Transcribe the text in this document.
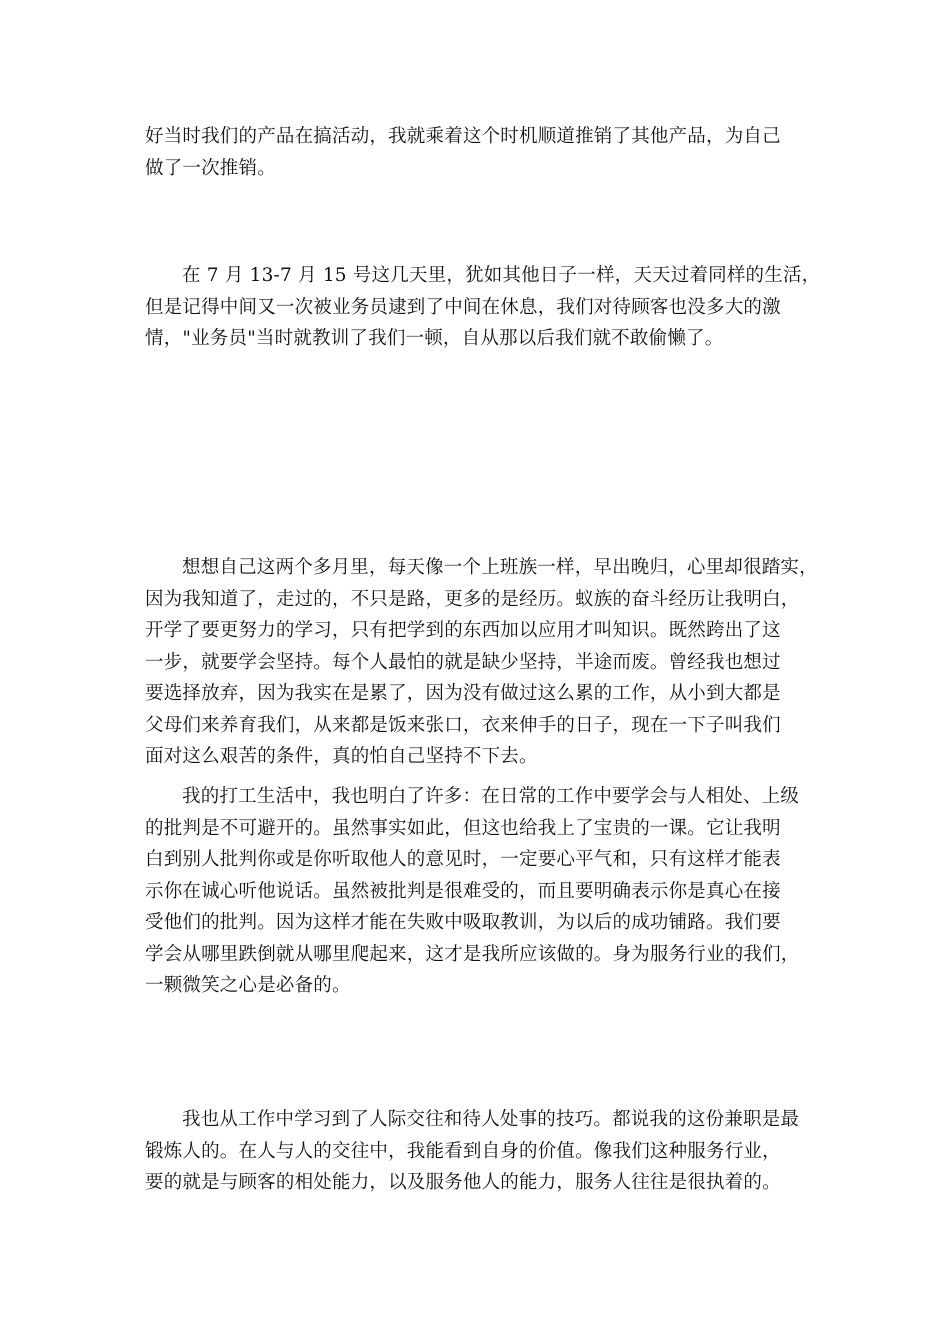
好当时我们的产品在搞活动，我就乘着这个时机顺道推销了其他产品，为自己
做了一次推销。

在 7 月 13-7 月 15 号这几天里，犹如其他日子一样，天天过着同样的生活，
但是记得中间又一次被业务员逮到了中间在休息，我们对待顾客也没多大的激
情，"业务员"当时就教训了我们一顿，自从那以后我们就不敢偷懒了。

想想自己这两个多月里，每天像一个上班族一样，早出晚归，心里却很踏实，
因为我知道了，走过的，不只是路，更多的是经历。蚁族的奋斗经历让我明白，
开学了要更努力的学习，只有把学到的东西加以应用才叫知识。既然跨出了这
一步，就要学会坚持。每个人最怕的就是缺少坚持，半途而废。曾经我也想过
要选择放弃，因为我实在是累了，因为没有做过这么累的工作，从小到大都是
父母们来养育我们，从来都是饭来张口，衣来伸手的日子，现在一下子叫我们
面对这么艰苦的条件，真的怕自己坚持不下去。

我的打工生活中，我也明白了许多：在日常的工作中要学会与人相处、上级
的批判是不可避开的。虽然事实如此，但这也给我上了宝贵的一课。它让我明
白到别人批判你或是你听取他人的意见时，一定要心平气和，只有这样才能表
示你在诚心听他说话。虽然被批判是很难受的，而且要明确表示你是真心在接
受他们的批判。因为这样才能在失败中吸取教训，为以后的成功铺路。我们要
学会从哪里跌倒就从哪里爬起来，这才是我所应该做的。身为服务行业的我们，
一颗微笑之心是必备的。

我也从工作中学习到了人际交往和待人处事的技巧。都说我的这份兼职是最
锻炼人的。在人与人的交往中，我能看到自身的价值。像我们这种服务行业，
要的就是与顾客的相处能力，以及服务他人的能力，服务人往往是很执着的。
